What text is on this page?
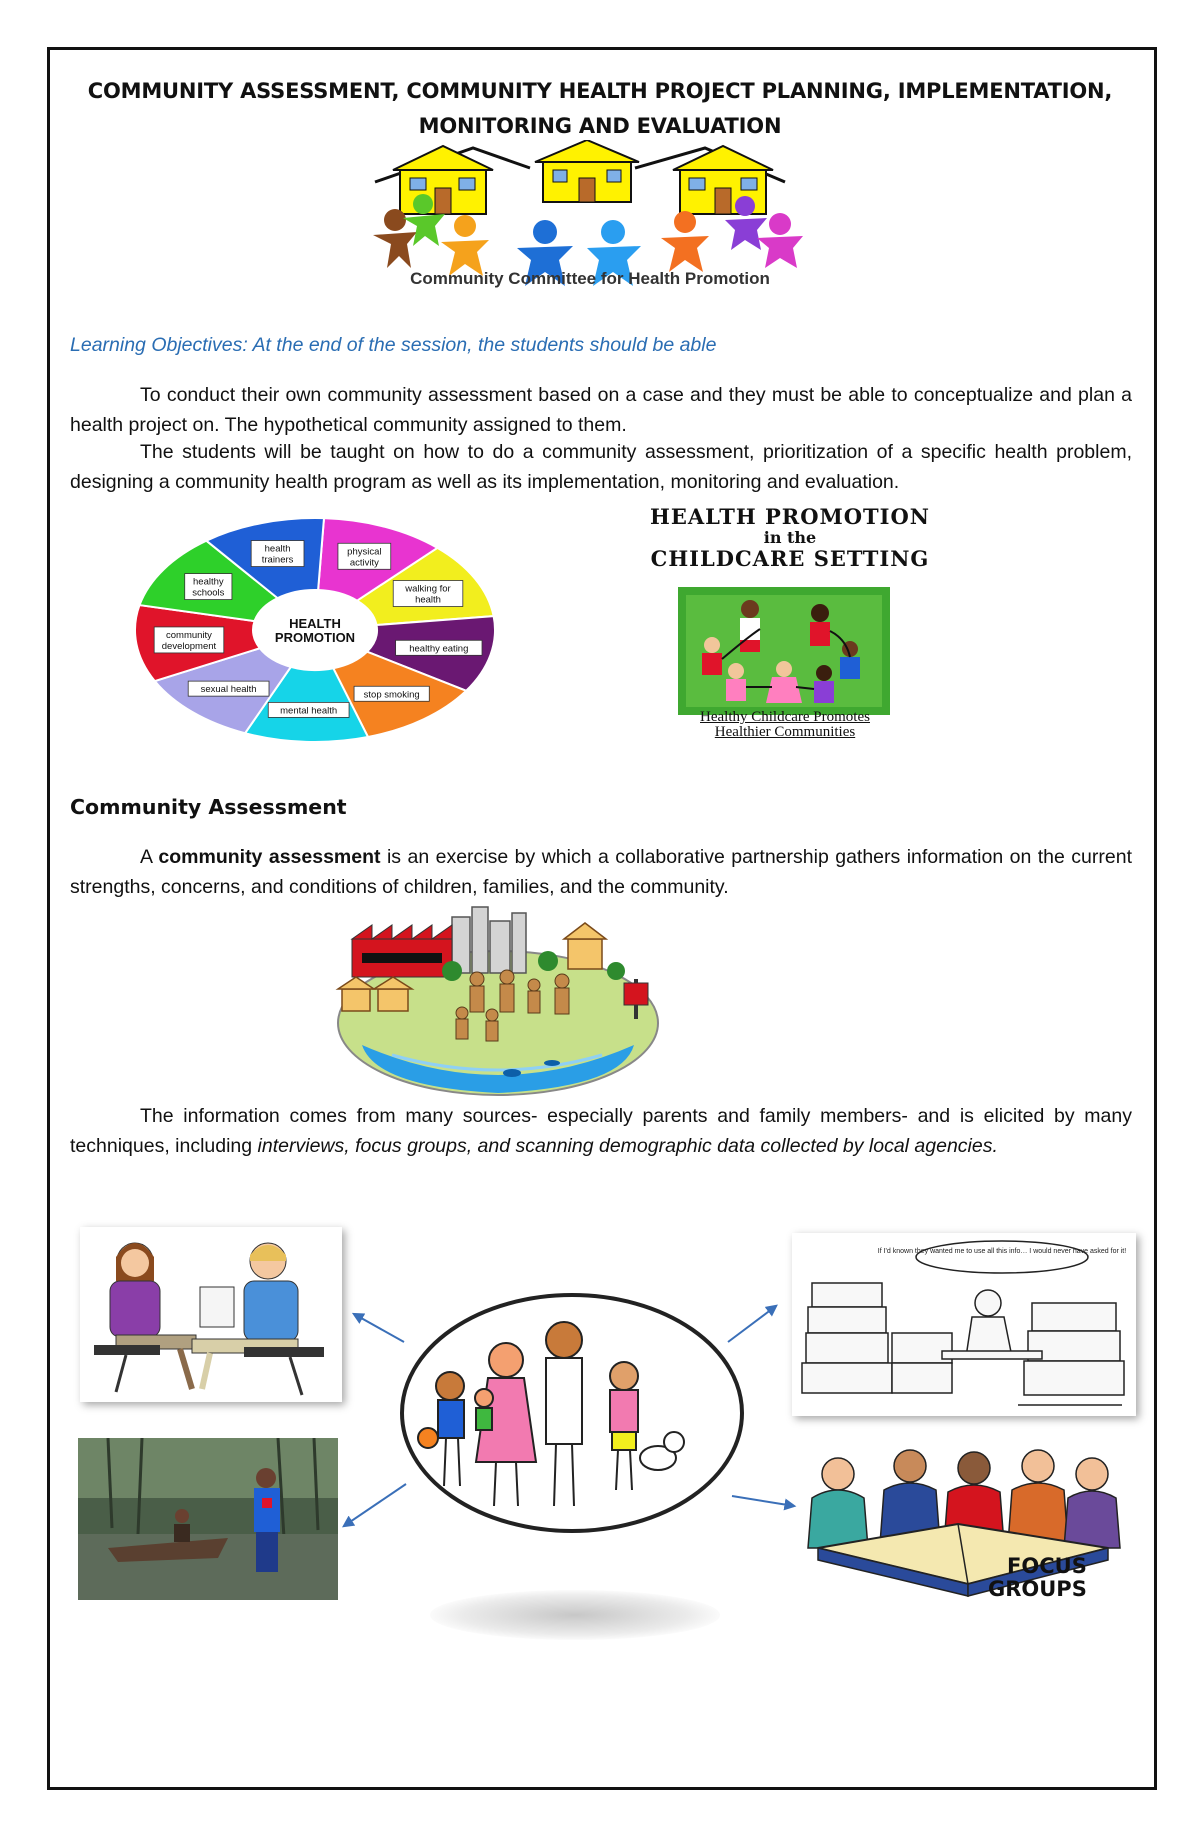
COMMUNITY ASSESSMENT, COMMUNITY HEALTH PROJECT PLANNING, IMPLEMENTATION,
MONITORING AND EVALUATION
Community Committee for Health Promotion
Learning Objectives: At the end of the session, the students should be able
To conduct their own community assessment based on a case and they must be able to conceptualize and plan a health project on. The hypothetical community assigned to them.
The students will be taught on how to do a community assessment, prioritization of a specific health problem, designing a community health program as well as its implementation, monitoring and evaluation.
physical activity
walking for health
healthy eating
stop smoking
mental health
sexual health
community development
healthy schools
health trainers
HEALTH
PROMOTION
HEALTH PROMOTION
in the
CHILDCARE SETTING
Healthy Childcare Promotes
Healthier Communities
Community Assessment
A community assessment is an exercise by which a collaborative partnership gathers information on the current strengths, concerns, and conditions of children, families, and the community.
The information comes from many sources- especially parents and family members- and is elicited by many techniques, including interviews, focus groups, and scanning demographic data collected by local agencies.
If I'd known they wanted me to use all this info… I would never have asked for it!
FOCUS
GROUPS
